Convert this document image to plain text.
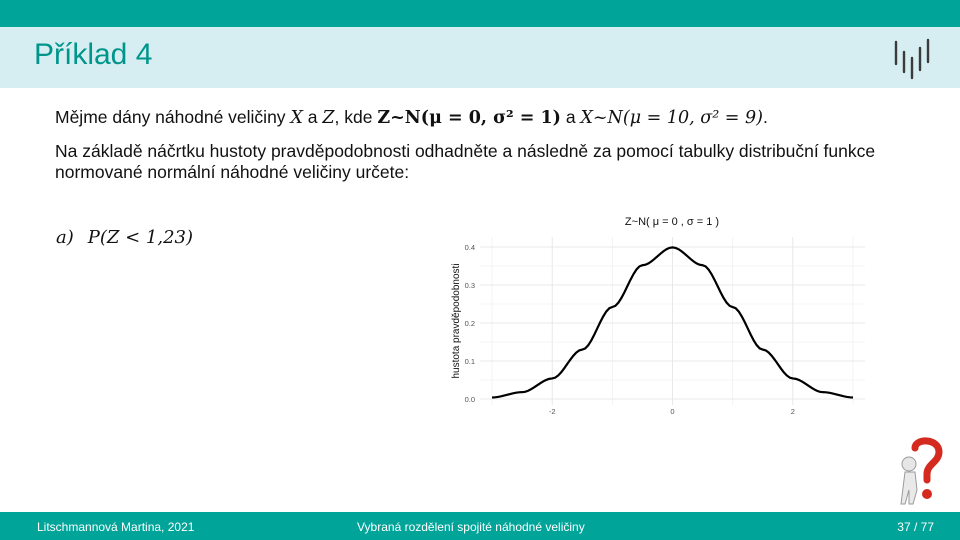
Příklad 4

Mějme dány náhodné veličiny X a Z, kde Z~N(μ = 0, σ² = 1) a X~N(μ = 10, σ² = 9).

Na základě náčrtku hustoty pravděpodobnosti odhadněte a následně za pomocí tabulky distribuční funkce normované normální náhodné veličiny určete:

a) P(Z < 1,23)
Z~N( μ = 0 , σ = 1 )
hustota pravděpodobnosti
0.0
0.1
0.2
0.3
0.4
-2	0	2
Litschmannová Martina, 2021	Vybraná rozdělení spojité náhodné veličiny	37 / 77
